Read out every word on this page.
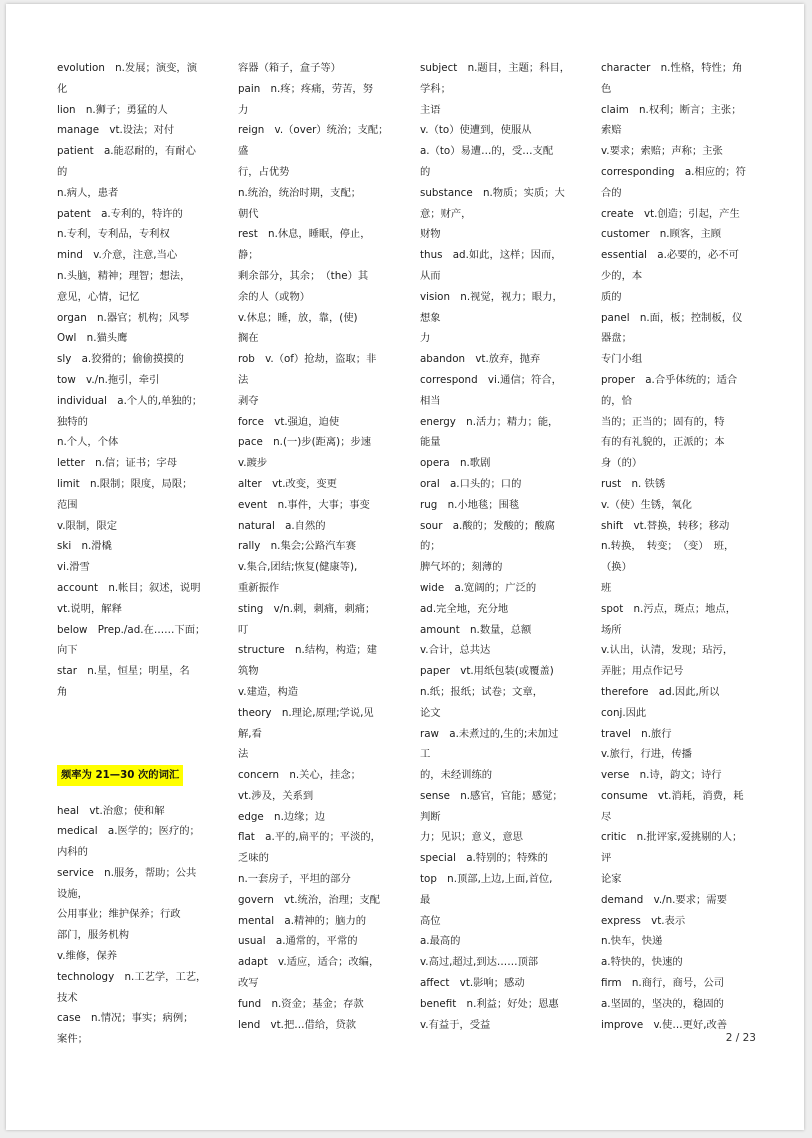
evolution　n.发展；演变，演
化
lion　n.狮子；勇猛的人
manage　vt.设法；对付
patient　a.能忍耐的，有耐心
的
n.病人，患者
patent　a.专利的，特许的
n.专利，专利品，专利权
mind　v.介意，注意,当心
n.头脑，精神；理智；想法，
意见，心情，记忆
organ　n.器官；机构；风琴
Owl　n.猫头鹰
sly　a.狡猾的；偷偷摸摸的
tow　v./n.拖引，牵引
individual　a.个人的,单独的；
独特的
n.个人，个体
letter　n.信；证书；字母
limit　n.限制；限度，局限；
范围
v.限制，限定
ski　n.滑橇
vi.滑雪
account　n.帐目；叙述，说明
vt.说明，解释
below　Prep./ad.在……下面；
向下
star　n.星，恒星；明星，名
角
频率为 21—30 次的词汇
heal　vt.治愈；使和解
medical　a.医学的；医疗的；
内科的
service　n.服务，帮助；公共
设施，
公用事业；维护保养；行政
部门，服务机构
v.维修，保养
technology　n.工艺学，工艺，
技术
case　n.情况；事实；病例；
案件；
容器（箱子，盒子等）
pain　n.疼；疼痛，劳苦，努
力
reign　v.（over）统治；支配；
盛
行，占优势
n.统治，统治时期，支配；
朝代
rest　n.休息，睡眠，停止，
静；
剩余部分，其余；　（the）其
余的人（或物）
v.休息；睡，放，靠，(使)
搁在
rob　v.（of）抢劫，盗取；非
法
剥夺
force　vt.强迫，迫使
pace　n.(一)步(距离)；步速
v.踱步
alter　vt.改变，变更
event　n.事件，大事；事变
natural　a.自然的
rally　n.集会;公路汽车赛
v.集合,团结;恢复(健康等),
重新振作
sting　v/n.刺，刺痛，刺痛；
叮
structure　n.结构，构造；建
筑物
v.建造，构造
theory　n.理论,原理;学说,见
解,看
法
concern　n.关心，挂念；
vt.涉及，关系到
edge　n.边缘；边
flat　a.平的,扁平的；平淡的，
乏味的
n.一套房子，平坦的部分
govern　vt.统治，治理；支配
mental　a.精神的；脑力的
usual　a.通常的，平常的
adapt　v.适应，适合；改编，
改写
fund　n.资金；基金；存款
lend　vt.把…借给，贷款
subject　n.题目，主题；科目，
学科；
主语
v.（to）使遭到，使服从
a.（to）易遭…的，受…支配
的
substance　n.物质；实质；大
意；财产，
财物
thus　ad.如此，这样；因而，
从而
vision　n.视觉，视力；眼力，
想象
力
abandon　vt.放弃，抛弃
correspond　vi.通信；符合，
相当
energy　n.活力；精力；能，
能量
opera　n.歌剧
oral　a.口头的；口的
rug　n.小地毯；围毯
sour　a.酸的；发酸的；酸腐
的；
脾气坏的；刻薄的
wide　a.宽阔的；广泛的
ad.完全地，充分地
amount　n.数量，总额
v.合计，总共达
paper　vt.用纸包装(或覆盖)
n.纸；报纸；试卷；文章，
论文
raw　a.未煮过的,生的;未加过
工
的，未经训练的
sense　n.感官，官能；感觉；
判断
力；见识；意义，意思
special　a.特别的；特殊的
top　n.顶部,上边,上面,首位,
最
高位
a.最高的
v.高过,超过,到达……顶部
affect　vt.影响；感动
benefit　n.利益；好处；恩惠
v.有益于，受益
character　n.性格，特性；角
色
claim　n.权利；断言；主张；
索赔
v.要求；索赔；声称；主张
corresponding　a.相应的；符
合的
create　vt.创造；引起，产生
customer　n.顾客，主顾
essential　a.必要的，必不可
少的，本
质的
panel　n.面，板；控制板，仪
器盘；
专门小组
proper　a.合乎体统的；适合
的，恰
当的；正当的；固有的，特
有的有礼貌的，正派的；本
身（的）
rust　n. 铁锈
v.（使）生锈，氧化
shift　vt.替换，转移；移动
n.转换，　转变；　（变）　班，
（换）
班
spot　n.污点，斑点；地点，
场所
v.认出，认清，发现；玷污，
弄脏；用点作记号
therefore　ad.因此,所以
conj.因此
travel　n.旅行
v.旅行，行进，传播
verse　n.诗，韵文；诗行
consume　vt.消耗，消费，耗
尽
critic　n.批评家,爱挑剔的人；
评
论家
demand　v./n.要求；需要
express　vt.表示
n.快车，快递
a.特快的，快速的
firm　n.商行，商号，公司
a.坚固的，坚决的，稳固的
improve　v.使…更好,改善
2 / 23
